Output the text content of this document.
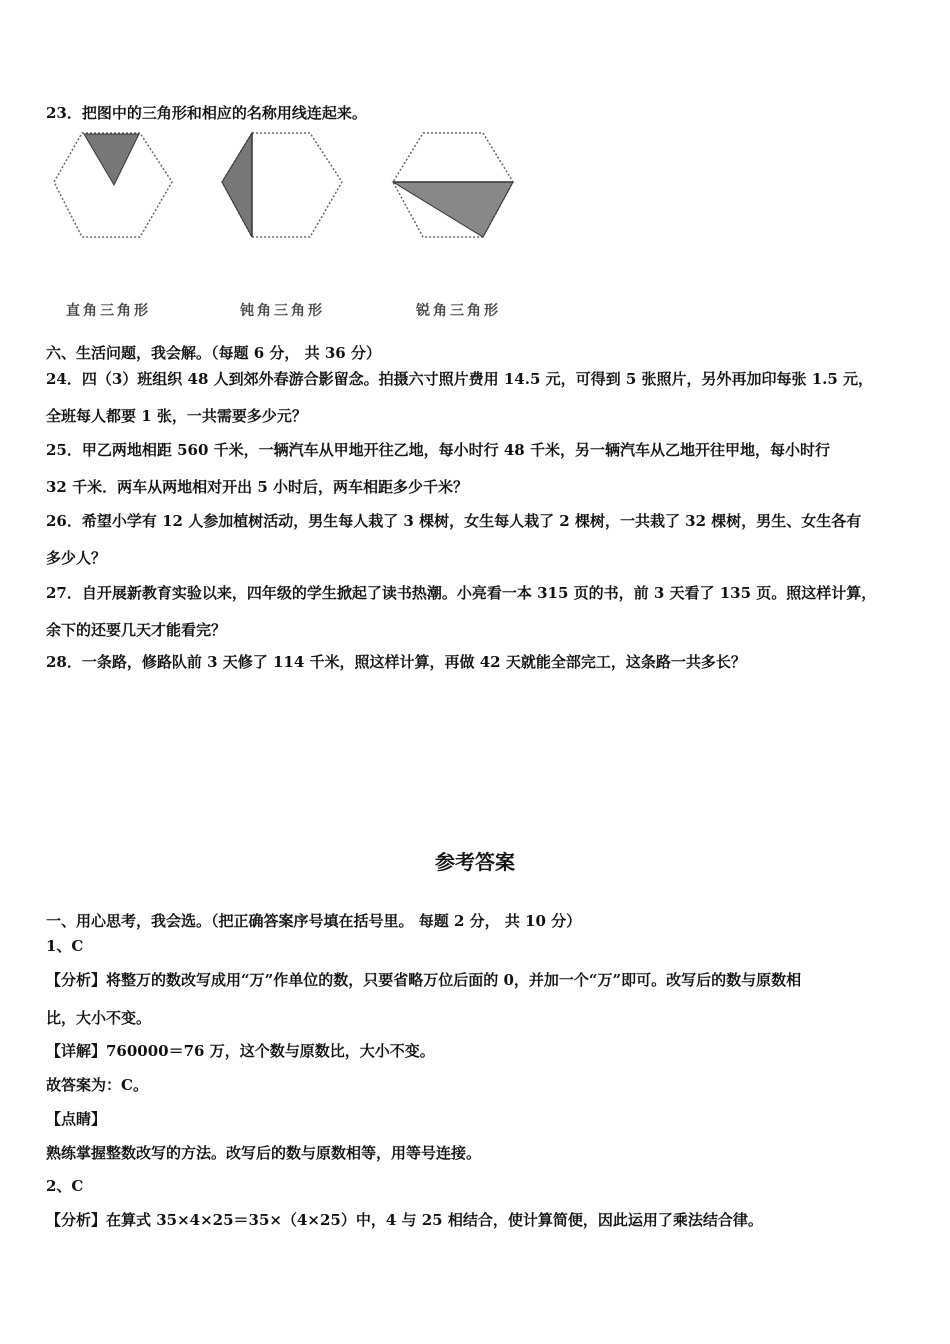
23．把图中的三角形和相应的名称用线连起来。
直角三角形	钝角三角形	锐角三角形
六、生活问题，我会解。（每题 6 分， 共 36 分）
24．四（3）班组织 48 人到郊外春游合影留念。拍摄六寸照片费用 14.5 元，可得到 5 张照片，另外再加印每张 1.5 元，
全班每人都要 1 张，一共需要多少元？
25．甲乙两地相距 560 千米，一辆汽车从甲地开往乙地，每小时行 48 千米，另一辆汽车从乙地开往甲地，每小时行
32 千米．两车从两地相对开出 5 小时后，两车相距多少千米？
26．希望小学有 12 人参加植树活动，男生每人栽了 3 棵树，女生每人栽了 2 棵树，一共栽了 32 棵树，男生、女生各有
多少人？
27．自开展新教育实验以来，四年级的学生掀起了读书热潮。小亮看一本 315 页的书，前 3 天看了 135 页。照这样计算，
余下的还要几天才能看完？
28．一条路，修路队前 3 天修了 114 千米，照这样计算，再做 42 天就能全部完工，这条路一共多长？
参考答案
一、用心思考，我会选。（把正确答案序号填在括号里。 每题 2 分， 共 10 分）
1、C
【分析】将整万的数改写成用“万”作单位的数，只要省略万位后面的 0，并加一个“万”即可。改写后的数与原数相
比，大小不变。
【详解】760000＝76 万，这个数与原数比，大小不变。
故答案为：C。
【点睛】
熟练掌握整数改写的方法。改写后的数与原数相等，用等号连接。
2、C
【分析】在算式 35×4×25＝35×（4×25）中，4 与 25 相结合，使计算简便，因此运用了乘法结合律。
